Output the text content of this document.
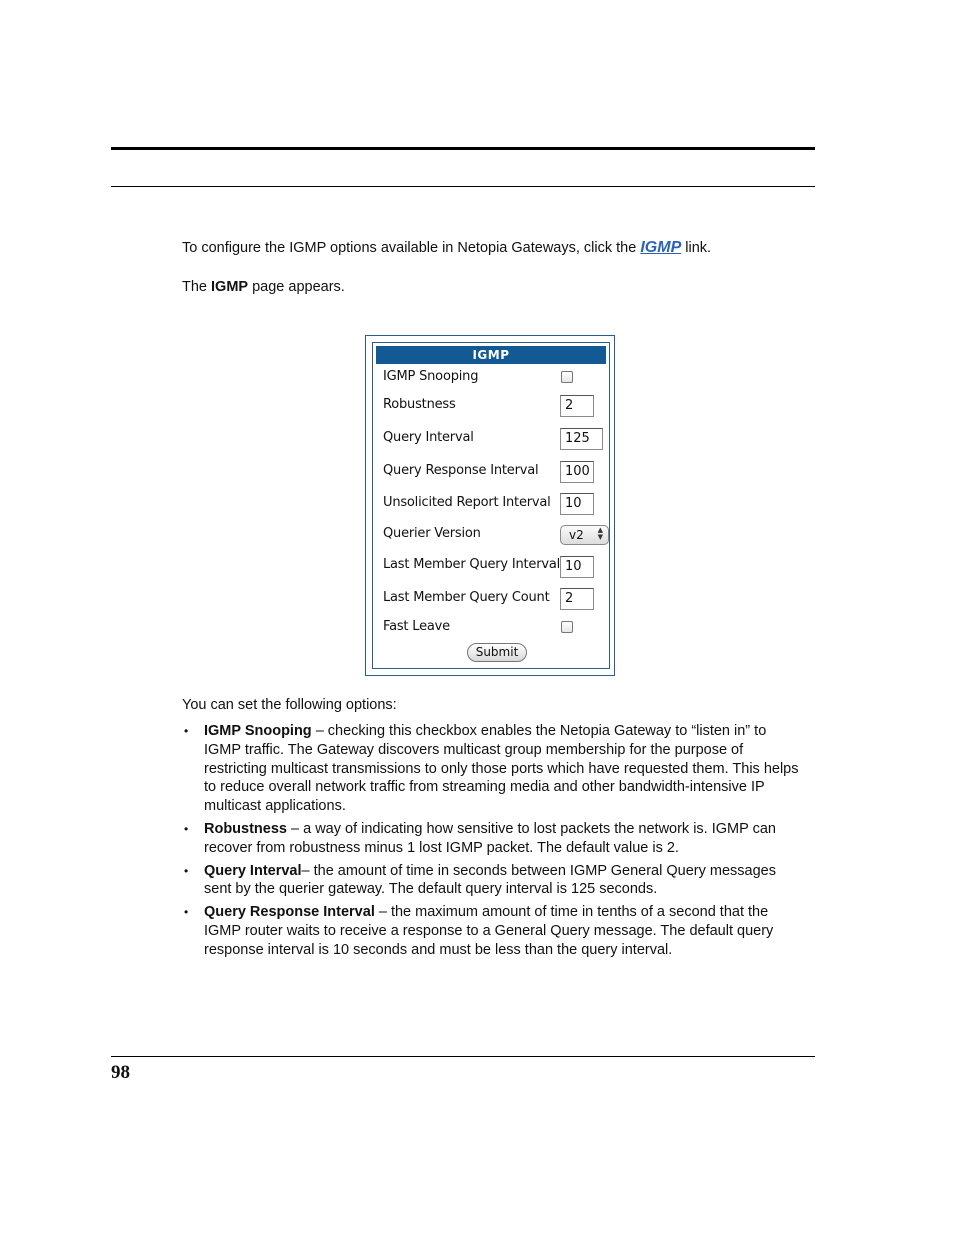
To configure the IGMP options available in Netopia Gateways, click the IGMP link.
The IGMP page appears.
IGMP
IGMP Snooping
Robustness	2
Query Interval	125
Query Response Interval	100
Unsolicited Report Interval	10
Querier Version	v2 ▲
▼
Last Member Query Interval 10
Last Member Query Count	2
Fast Leave
Submit
You can set the following options:
• IGMP Snooping – checking this checkbox enables the Netopia Gateway to “listen in” to IGMP traffic. The Gateway discovers multicast group membership for the purpose of restricting multicast transmissions to only those ports which have requested them. This helps to reduce overall network traffic from streaming media and other bandwidth-intensive IP multicast applications.
• Robustness – a way of indicating how sensitive to lost packets the network is. IGMP can recover from robustness minus 1 lost IGMP packet. The default value is 2.
• Query Interval– the amount of time in seconds between IGMP General Query messages sent by the querier gateway. The default query interval is 125 seconds.
• Query Response Interval – the maximum amount of time in tenths of a second that the IGMP router waits to receive a response to a General Query message. The default query response interval is 10 seconds and must be less than the query interval.
98
